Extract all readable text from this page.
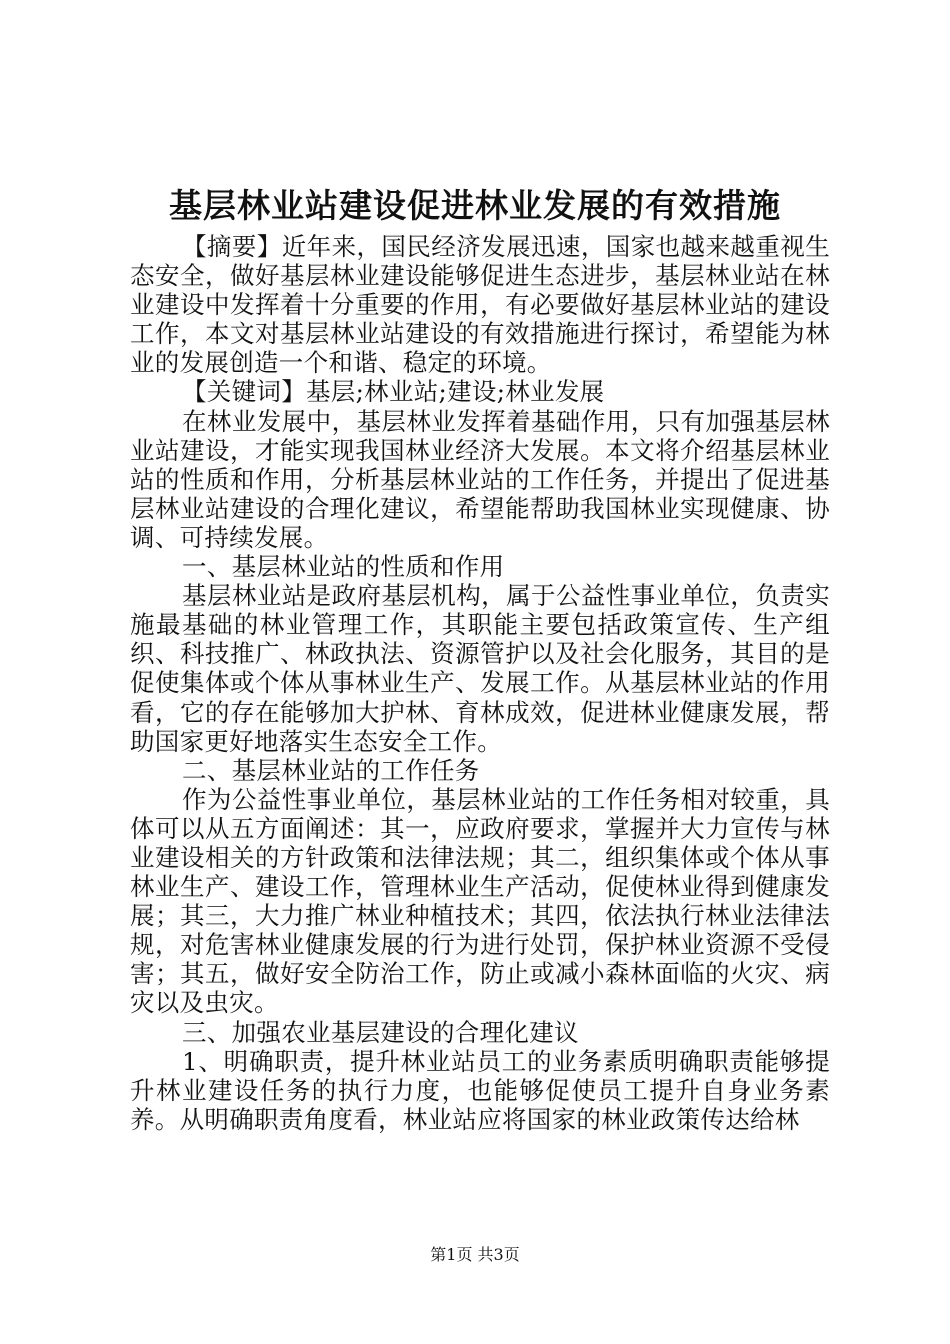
基层林业站建设促进林业发展的有效措施

【摘要】近年来，国民经济发展迅速，国家也越来越重视生态安全，做好基层林业建设能够促进生态进步，基层林业站在林业建设中发挥着十分重要的作用，有必要做好基层林业站的建设工作，本文对基层林业站建设的有效措施进行探讨，希望能为林业的发展创造一个和谐、稳定的环境。

【关键词】基层;林业站;建设;林业发展

在林业发展中，基层林业发挥着基础作用，只有加强基层林业站建设，才能实现我国林业经济大发展。本文将介绍基层林业站的性质和作用，分析基层林业站的工作任务，并提出了促进基层林业站建设的合理化建议，希望能帮助我国林业实现健康、协调、可持续发展。

一、基层林业站的性质和作用

基层林业站是政府基层机构，属于公益性事业单位，负责实施最基础的林业管理工作，其职能主要包括政策宣传、生产组织、科技推广、林政执法、资源管护以及社会化服务，其目的是促使集体或个体从事林业生产、发展工作。从基层林业站的作用看，它的存在能够加大护林、育林成效，促进林业健康发展，帮助国家更好地落实生态安全工作。

二、基层林业站的工作任务

作为公益性事业单位，基层林业站的工作任务相对较重，具体可以从五方面阐述：其一，应政府要求，掌握并大力宣传与林业建设相关的方针政策和法律法规；其二，组织集体或个体从事林业生产、建设工作，管理林业生产活动，促使林业得到健康发展；其三，大力推广林业种植技术；其四，依法执行林业法律法规，对危害林业健康发展的行为进行处罚，保护林业资源不受侵害；其五，做好安全防治工作，防止或减小森林面临的火灾、病灾以及虫灾。

三、加强农业基层建设的合理化建议

1、明确职责，提升林业站员工的业务素质明确职责能够提升林业建设任务的执行力度，也能够促使员工提升自身业务素养。从明确职责角度看，林业站应将国家的林业政策传达给林

第1页 共3页
